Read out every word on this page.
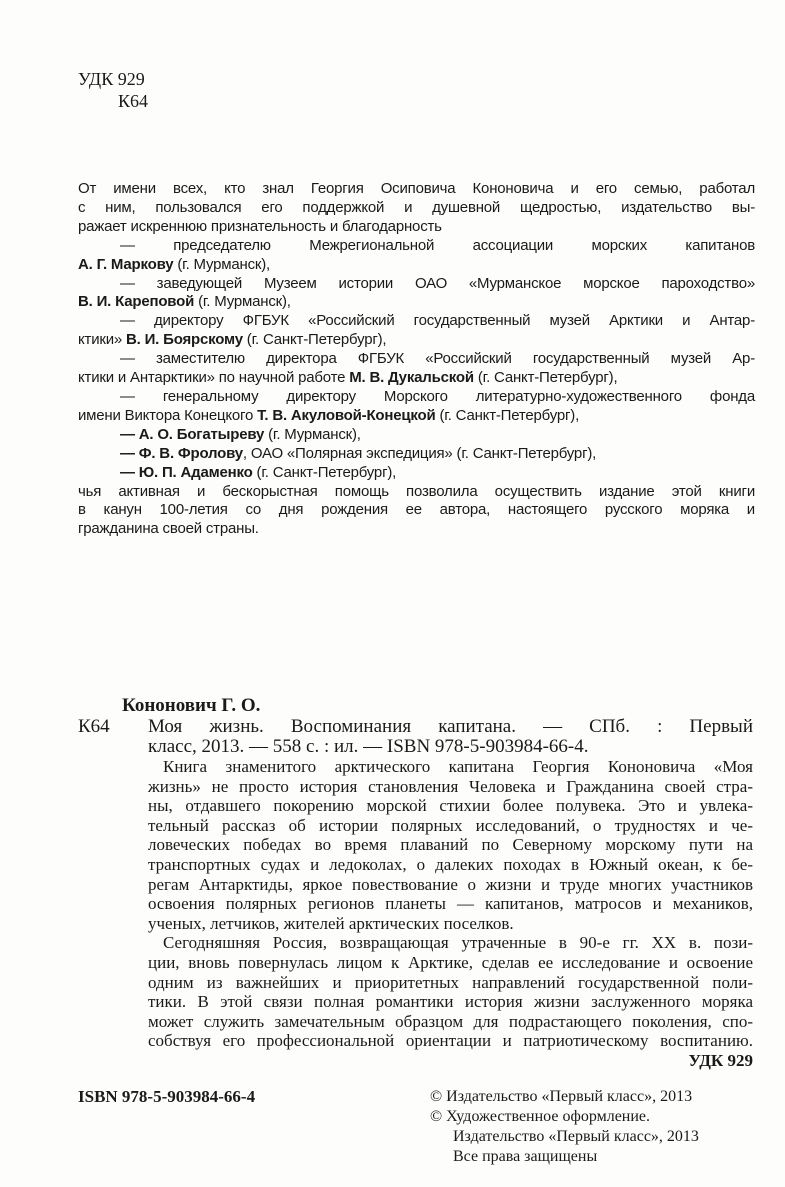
УДК 929
К64
От имени всех, кто знал Георгия Осиповича Кононовича и его семью, работал
с ним, пользовался его поддержкой и душевной щедростью, издательство вы-
ражает искреннюю признательность и благодарность
— председателю Межрегиональной ассоциации морских капитанов
А. Г. Маркову (г. Мурманск),
— заведующей Музеем истории ОАО «Мурманское морское пароходство»
В. И. Кареповой (г. Мурманск),
— директору ФГБУК «Российский государственный музей Арктики и Антар-
ктики» В. И. Боярскому (г. Санкт-Петербург),
— заместителю директора ФГБУК «Российский государственный музей Ар-
ктики и Антарктики» по научной работе М. В. Дукальской (г. Санкт-Петербург),
— генеральному директору Морского литературно-художественного фонда
имени Виктора Конецкого Т. В. Акуловой-Конецкой (г. Санкт-Петербург),
— А. О. Богатыреву (г. Мурманск),
— Ф. В. Фролову, ОАО «Полярная экспедиция» (г. Санкт-Петербург),
— Ю. П. Адаменко (г. Санкт-Петербург),
чья активная и бескорыстная помощь позволила осуществить издание этой книги
в канун 100-летия со дня рождения ее автора, настоящего русского моряка и
гражданина своей страны.
Кононович Г. О.
К64 Моя жизнь. Воспоминания капитана. — СПб. : Первый
класс, 2013. — 558 с. : ил. — ISBN 978-5-903984-66-4.
Книга знаменитого арктического капитана Георгия Кононовича «Моя
жизнь» не просто история становления Человека и Гражданина своей стра-
ны, отдавшего покорению морской стихии более полувека. Это и увлека-
тельный рассказ об истории полярных исследований, о трудностях и че-
ловеческих победах во время плаваний по Северному морскому пути на
транспортных судах и ледоколах, о далеких походах в Южный океан, к бе-
регам Антарктиды, яркое повествование о жизни и труде многих участников
освоения полярных регионов планеты — капитанов, матросов и механиков,
ученых, летчиков, жителей арктических поселков.
Сегодняшняя Россия, возвращающая утраченные в 90-е гг. XX в. пози-
ции, вновь повернулась лицом к Арктике, сделав ее исследование и освоение
одним из важнейших и приоритетных направлений государственной поли-
тики. В этой связи полная романтики история жизни заслуженного моряка
может служить замечательным образцом для подрастающего поколения, спо-
собствуя его профессиональной ориентации и патриотическому воспитанию.
УДК 929
ISBN 978-5-903984-66-4	© Издательство «Первый класс», 2013
© Художественное оформление.
Издательство «Первый класс», 2013
Все права защищены
